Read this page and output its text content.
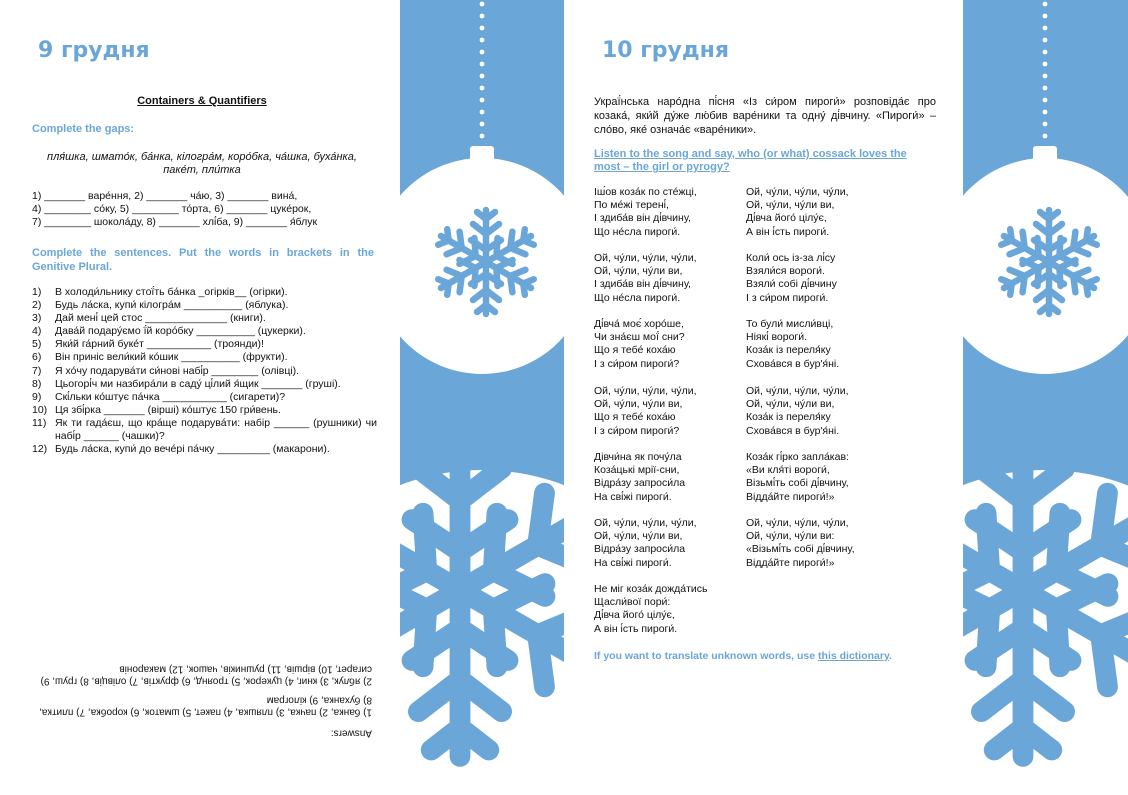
9 грудня
Containers & Quantifiers
Complete the gaps:
пля́шка, шмато́к, ба́нка, кілогра́м, коро́бка, ча́шка, буха́нка,
паке́т, пли́тка
1) _______ варе́ння, 2) _______ ча́ю, 3) _______ вина́,
4) ________ со́ку, 5) ________ то́рта, 6) _______ цуке́рок,
7) ________ шокола́ду, 8) _______ хлі́ба, 9) _______ я́блук
Complete the sentences. Put the words in brackets in the Genitive Plural.
1)	В холоди́льнику стої́ть ба́нка _огірків__ (огірки).
2)	Будь ла́ска, купи́ кілогра́м __________ (яблука).
3)	Дай мені́ цей стос ______________ (книги).
4)	Дава́й подару́ємо ї́й коро́бку __________ (цукерки).
5)	Яки́й га́рний буке́т ___________ (троянди)!
6)	Він приніс вели́кий ко́шик __________ (фрукти).
7)	Я хо́чу подарува́ти си́нові набі́р ________ (олівці).
8)	Цьогорі́ч ми назбира́ли в саду́ ці́лий я́щик _______ (груші).
9)	Скі́льки ко́штує па́чка ___________ (сигарети)?
10) Ця збі́рка _______ (вірші) ко́штує 150 гри́вень.
11) Як ти гада́єш, що кра́ще подарува́ти: набір ______ (рушники) чи набі́р ______ (чашки)?
12) Будь ла́ска, купи́ до вече́рі па́чку _________ (макарони).
Answers:

1) банка, 2) пачка, 3) пляшка, 4) пакет, 5) шматок, 6) коробка, 7) плитка, 8) буханка, 9) кілограм

2) яблук, 3) книг, 4) цукерок, 5) троянд, 6) фруктів, 7) олівців, 8) груш, 9) сигарет, 10) віршів, 11) рушників, чашок, 12) макаронів

10 грудня
Украї́нська наро́дна пі́сня «Із си́ром пироги́» розповіда́є про козака́, яки́й ду́же лю́бив варе́ники та одну́ ді́вчину. «Пироги́» – сло́во, яке́ означа́є «варе́ники».
Listen to the song and say, who (or what) cossack loves the most – the girl or pyrogy?
Іш́ов коза́к по сте́жці,
По ме́жі терені́,
І здиба́в він ді́вчину,
Що не́сла пироги́.
Ой, чу́ли, чу́ли, чу́ли,
Ой, чу́ли, чу́ли ви,
І здиба́в він ді́вчину,
Що не́сла пироги́.
Ді́вча́ моє́ хоро́ше,
Чи зна́єш мої́ сни?
Що я тебе́ коха́ю
І з си́ром пироги́?
Ой, чу́ли, чу́ли, чу́ли,
Ой, чу́ли, чу́ли ви,
Що я тебе́ коха́ю
І з си́ром пироги́?
Дівчи́на як почу́ла
Коза́цькі мрії-сни,
Відра́зу запроси́ла
На сві́жі пироги́.
Ой, чу́ли, чу́ли, чу́ли,
Ой, чу́ли, чу́ли ви,
Відра́зу запроси́ла
На сві́жі пироги́.
Не міг коза́к дожда́тись
Щасли́вої пори́:
Ді́вча його́ цілу́є,
А він і́сть пироги́.
Ой, чу́ли, чу́ли, чу́ли,
Ой, чу́ли, чу́ли ви,
Ді́вча його́ цілу́є,
А він і́сть пироги́.
Коли́ ось із-за лі́су
Взяли́ся вороги́.
Взяли́ собі ді́вчину
І з си́ром пироги́.
То були́ мисли́вці,
Ніякі́ вороги́.
Коза́к із переля́ку
Схова́вся в бур'я́ні.
Ой, чу́ли, чу́ли, чу́ли,
Ой, чу́ли, чу́ли ви,
Коза́к із переля́ку
Схова́вся в бур'я́ні.
Коза́к гі́рко запла́кав:
«Ви кля́ті вороги́,
Візьмі́ть собі ді́вчину,
Відда́йте пироги́!»
Ой, чу́ли, чу́ли, чу́ли,
Ой, чу́ли, чу́ли ви:
«Візьмі́ть собі ді́вчину,
Відда́йте пироги́!»
If you want to translate unknown words, use this dictionary.
